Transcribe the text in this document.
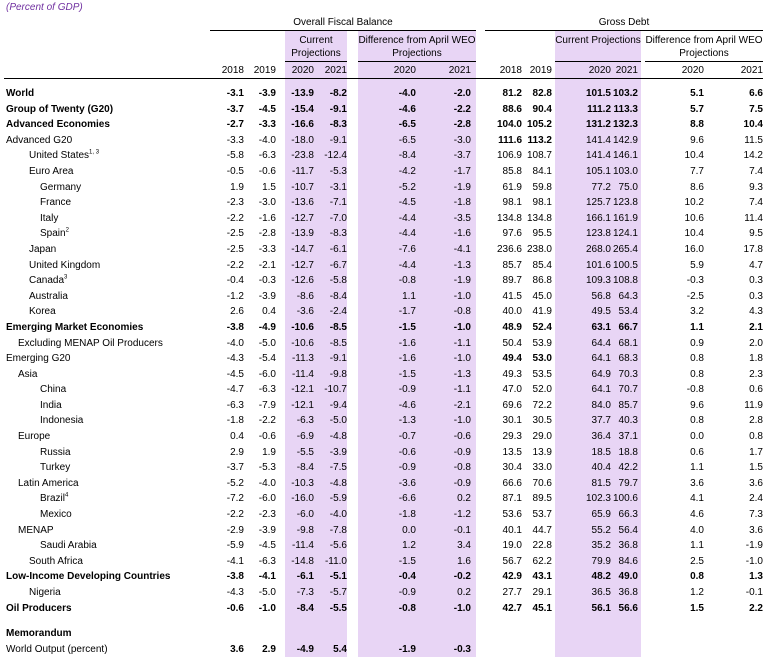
(Percent of GDP)
Overall Fiscal Balance	Gross Debt
Current Projections
Difference from April WEO Projections
Current Projections Difference from April WEO Projections
2018 2019	2020	2021	2020	2021	2018 2019	2020 2021	2020	2021
World	-3.1	-3.9	-13.9	-8.2	-4.0	-2.0	81.2	82.8	101.5 103.2	5.1	6.6
Group of Twenty (G20)	-3.7	-4.5	-15.4	-9.1	-4.6	-2.2	88.6	90.4	111.2 113.3	5.7	7.5
Advanced Economies	-2.7	-3.3	-16.6	-8.3	-6.5	-2.8	104.0 105.2	131.2 132.3	8.8	10.4
Advanced G20	-3.3	-4.0	-18.0	-9.1	-6.5	-3.0	111.6 113.2	141.4 142.9	9.6	11.5
United States$^{1, 3}$	-5.8	-6.3	-23.8	-12.4	-8.4	-3.7	106.9 108.7	141.4 146.1	10.4	14.2
Euro Area	-0.5	-0.6	-11.7	-5.3	-4.2	-1.7	85.8	84.1	105.1 103.0	7.7	7.4
Germany	1.9	1.5	-10.7	-3.1	-5.2	-1.9	61.9	59.8	77.2 75.0	8.6	9.3
France	-2.3	-3.0	-13.6	-7.1	-4.5	-1.8	98.1	98.1	125.7 123.8	10.2	7.4
Italy	-2.2	-1.6	-12.7	-7.0	-4.4	-3.5	134.8 134.8	166.1 161.9	10.6	11.4
Spain$^2$	-2.5	-2.8	-13.9	-8.3	-4.4	-1.6	97.6	95.5	123.8 124.1	10.4	9.5
Japan	-2.5	-3.3	-14.7	-6.1	-7.6	-4.1	236.6 238.0	268.0 265.4	16.0	17.8
United Kingdom	-2.2	-2.1	-12.7	-6.7	-4.4	-1.3	85.7	85.4	101.6 100.5	5.9	4.7
Canada$^3$	-0.4	-0.3	-12.6	-5.8	-0.8	-1.9	89.7	86.8	109.3 108.8	-0.3	0.3
Australia	-1.2	-3.9	-8.6	-8.4	1.1	-1.0	41.5	45.0	56.8 64.3	-2.5	0.3
Korea	2.6	0.4	-3.6	-2.4	-1.7	-0.8	40.0	41.9	49.5 53.4	3.2	4.3
Emerging Market Economies	-3.8	-4.9	-10.6	-8.5	-1.5	-1.0	48.9	52.4	63.1 66.7	1.1	2.1
Excluding MENAP Oil Producers	-4.0	-5.0	-10.6	-8.5	-1.6	-1.1	50.4	53.9	64.4 68.1	0.9	2.0
Emerging G20	-4.3	-5.4	-11.3	-9.1	-1.6	-1.0	49.4	53.0	64.1 68.3	0.8	1.8
Asia	-4.5	-6.0	-11.4	-9.8	-1.5	-1.3	49.3	53.5	64.9 70.3	0.8	2.3
China	-4.7	-6.3	-12.1	-10.7	-0.9	-1.1	47.0	52.0	64.1 70.7	-0.8	0.6
India	-6.3	-7.9	-12.1	-9.4	-4.6	-2.1	69.6	72.2	84.0 85.7	9.6	11.9
Indonesia	-1.8	-2.2	-6.3	-5.0	-1.3	-1.0	30.1	30.5	37.7 40.3	0.8	2.8
Europe	0.4	-0.6	-6.9	-4.8	-0.7	-0.6	29.3	29.0	36.4 37.1	0.0	0.8
Russia	2.9	1.9	-5.5	-3.9	-0.6	-0.9	13.5	13.9	18.5 18.8	0.6	1.7
Turkey	-3.7	-5.3	-8.4	-7.5	-0.9	-0.8	30.4	33.0	40.4 42.2	1.1	1.5
Latin America	-5.2	-4.0	-10.3	-4.8	-3.6	-0.9	66.6	70.6	81.5 79.7	3.6	3.6
Brazil$^4$	-7.2	-6.0	-16.0	-5.9	-6.6	0.2	87.1	89.5	102.3 100.6	4.1	2.4
Mexico	-2.2	-2.3	-6.0	-4.0	-1.8	-1.2	53.6	53.7	65.9 66.3	4.6	7.3
MENAP	-2.9	-3.9	-9.8	-7.8	0.0	-0.1	40.1	44.7	55.2 56.4	4.0	3.6
Saudi Arabia	-5.9	-4.5	-11.4	-5.6	1.2	3.4	19.0	22.8	35.2 36.8	1.1	-1.9
South Africa	-4.1	-6.3	-14.8	-11.0	-1.5	1.6	56.7	62.2	79.9 84.6	2.5	-1.0
Low-Income Developing Countries	-3.8	-4.1	-6.1	-5.1	-0.4	-0.2	42.9	43.1	48.2 49.0	0.8	1.3
Nigeria	-4.3	-5.0	-7.3	-5.7	-0.9	0.2	27.7	29.1	36.5 36.8	1.2	-0.1
Oil Producers	-0.6	-1.0	-8.4	-5.5	-0.8	-1.0	42.7	45.1	56.1 56.6	1.5	2.2
Memorandum
World Output (percent)	3.6	2.9	-4.9	5.4	-1.9	-0.3
